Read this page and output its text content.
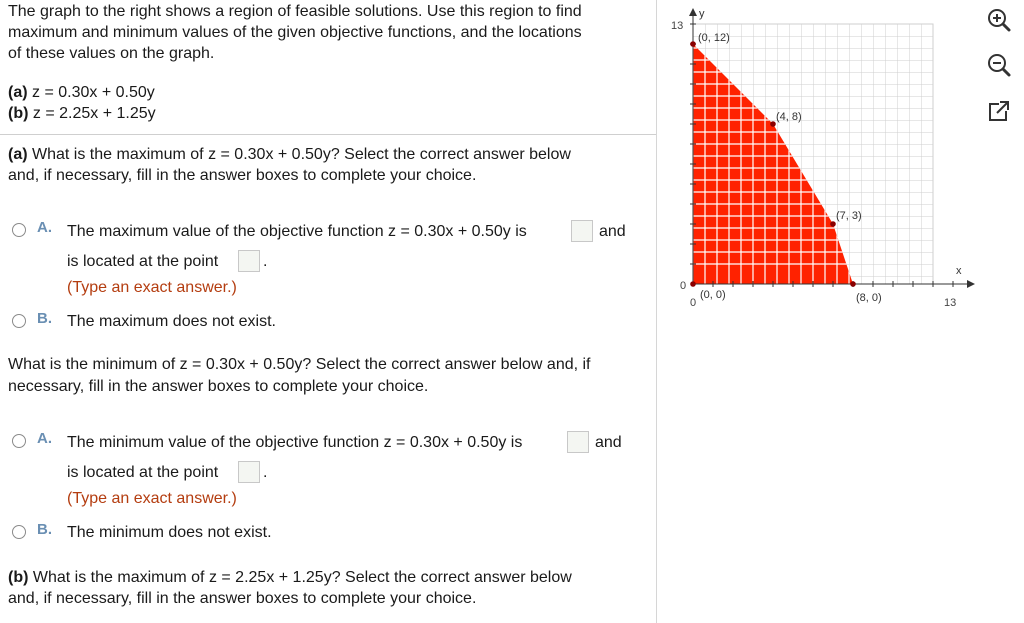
The graph to the right shows a region of feasible solutions. Use this region to find
maximum and minimum values of the given objective functions, and the locations
of these values on the graph.
(a) z = 0.30x + 0.50y
(b) z = 2.25x + 1.25y
(a) What is the maximum of z = 0.30x + 0.50y? Select the correct answer below
and, if necessary, fill in the answer boxes to complete your choice.
A. The maximum value of the objective function z = 0.30x + 0.50y is	and
is located at the point	.
(Type an exact answer.)
B. The maximum does not exist.
What is the minimum of z = 0.30x + 0.50y? Select the correct answer below and, if
necessary, fill in the answer boxes to complete your choice.
A. The minimum value of the objective function z = 0.30x + 0.50y is	and
is located at the point	.
(Type an exact answer.)
B. The minimum does not exist.
(b) What is the maximum of z = 2.25x + 1.25y? Select the correct answer below
and, if necessary, fill in the answer boxes to complete your choice.
y
x
13
0
0	13
(0, 12)
(4, 8)
(7, 3)
(8, 0)
(0, 0)
